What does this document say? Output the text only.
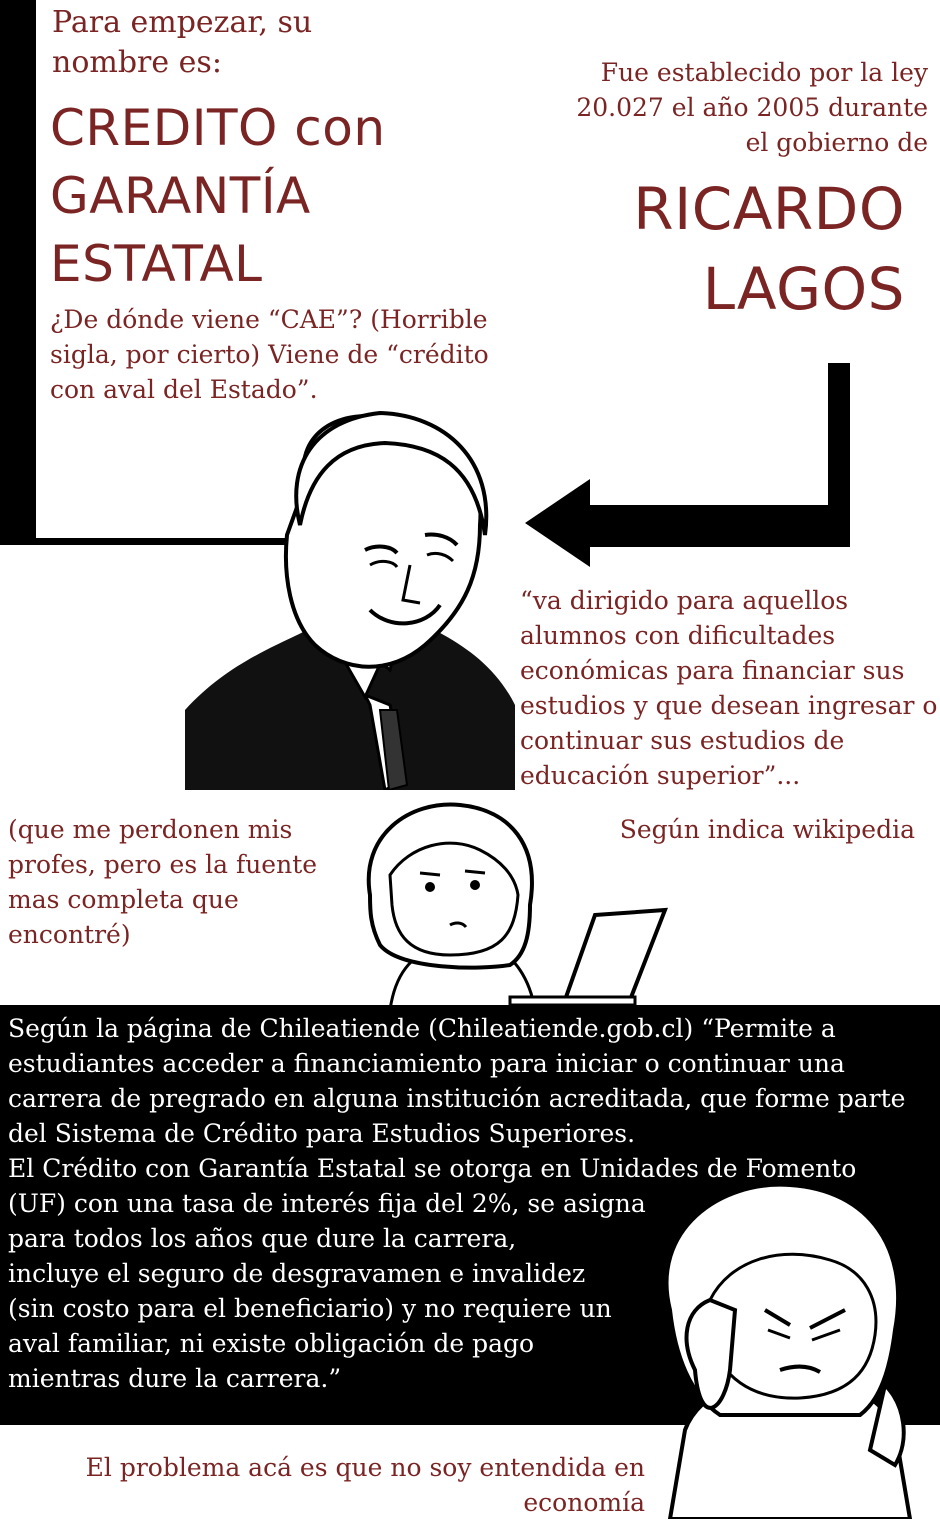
Para empezar, su
nombre es:
CREDITO con
GARANTÍA
ESTATAL
¿De dónde viene “CAE”? (Horrible sigla, por cierto) Viene de “crédito con aval del Estado”.
Fue establecido por la ley 20.027 el año 2005 durante el gobierno de
RICARDO
LAGOS
“va dirigido para aquellos alumnos con dificultades económicas para financiar sus estudios y que desean ingresar o continuar sus estudios de educación superior”...
Según indica wikipedia
(que me perdonen mis profes, pero es la fuente mas completa que encontré)
Según la página de Chileatiende (Chileatiende.gob.cl) “Permite a estudiantes acceder a financiamiento para iniciar o continuar una carrera de pregrado en alguna institución acreditada, que forme parte del Sistema de Crédito para Estudios Superiores.
El Crédito con Garantía Estatal se otorga en Unidades de Fomento
(UF) con una tasa de interés fija del 2%, se asigna para todos los años que dure la carrera,
incluye el seguro de desgravamen e invalidez (sin costo para el beneficiario) y no requiere un aval familiar, ni existe obligación de pago mientras dure la carrera.”
El problema acá es que no soy entendida en economía
